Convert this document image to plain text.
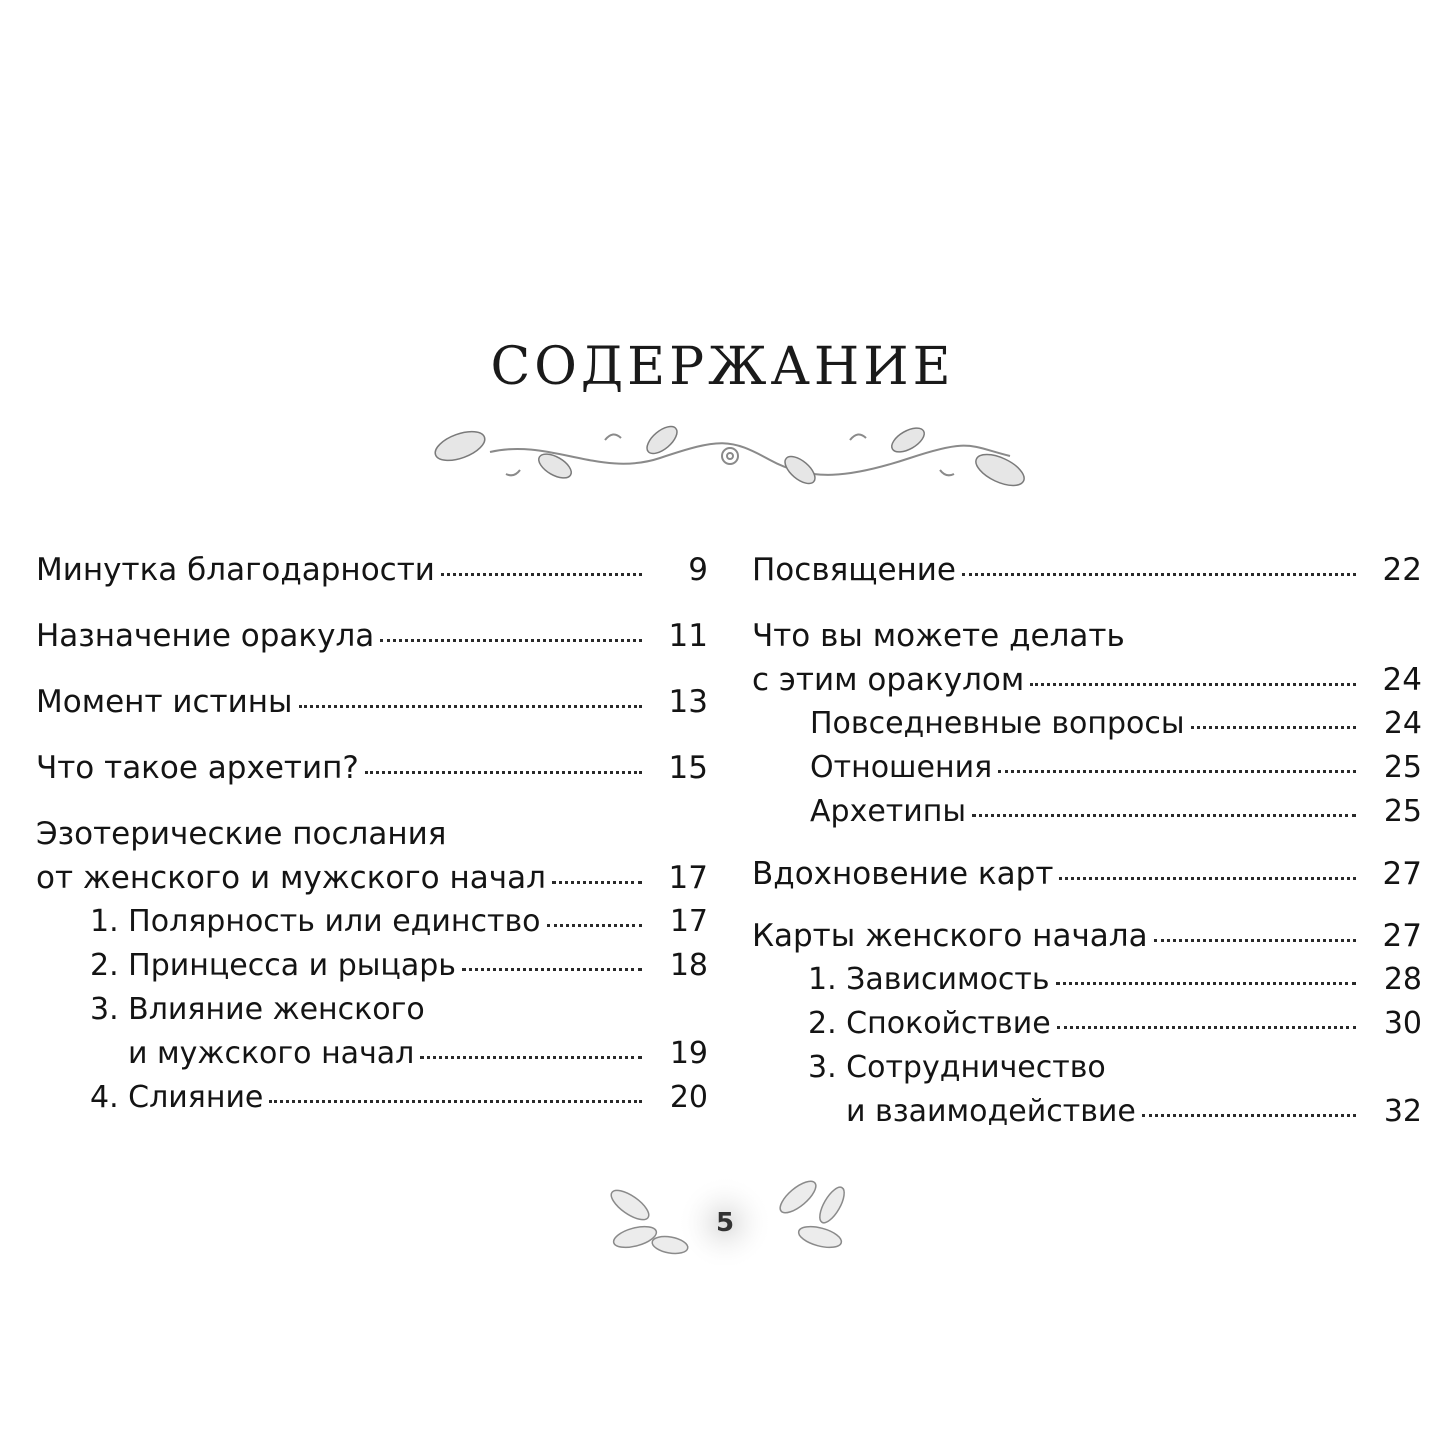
СОДЕРЖАНИЕ
Минутка благодарности	9
Назначение оракула	11
Момент истины	13
Что такое архетип?	15
Эзотерические послания
от женского и мужского начал	17
1. Полярность или единство	17
2. Принцесса и рыцарь	18
3. Влияние женского
и мужского начал	19
4. Слияние	20
Посвящение	22
Что вы можете делать
с этим оракулом	24
Повседневные вопросы	24
Отношения	25
Архетипы	25
Вдохновение карт	27
Карты женского начала	27
1. Зависимость	28
2. Спокойствие	30
3. Сотрудничество
и взаимодействие	32
5
